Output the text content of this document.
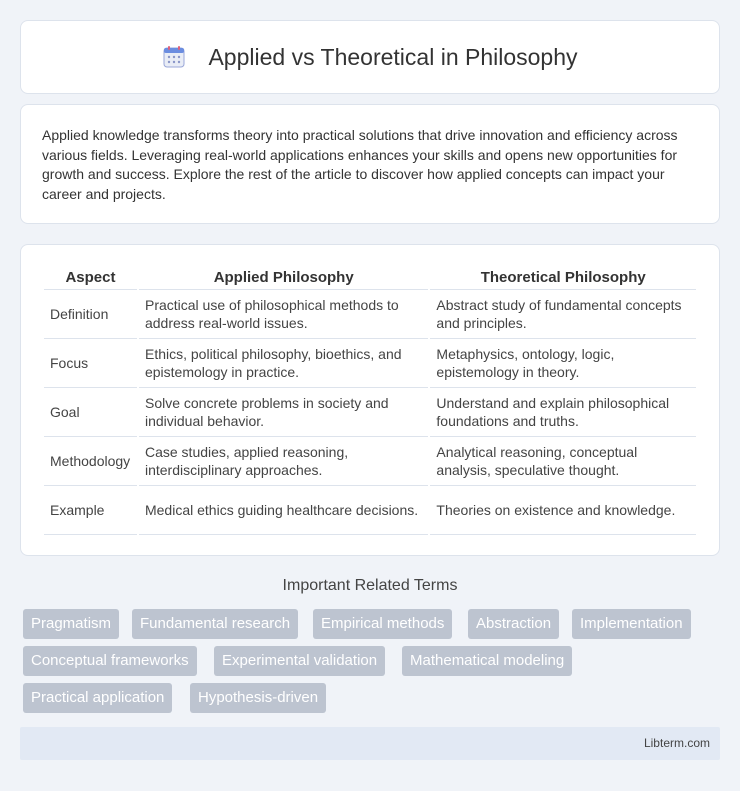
Applied vs Theoretical in Philosophy

Applied knowledge transforms theory into practical solutions that drive innovation and efficiency across various fields. Leveraging real-world applications enhances your skills and opens new opportunities for growth and success. Explore the rest of the article to discover how applied concepts can impact your career and projects.

Aspect	Applied Philosophy	Theoretical Philosophy
Definition	Practical use of philosophical methods to address real-world issues.	Abstract study of fundamental concepts and principles.
Focus	Ethics, political philosophy, bioethics, and epistemology in practice.	Metaphysics, ontology, logic, epistemology in theory.
Goal	Solve concrete problems in society and individual behavior.	Understand and explain philosophical foundations and truths.
Methodology	Case studies, applied reasoning, interdisciplinary approaches.	Analytical reasoning, conceptual analysis, speculative thought.
Example	Medical ethics guiding healthcare decisions.	Theories on existence and knowledge.
Important Related Terms
Pragmatism	Fundamental research	Empirical methods	Abstraction	Implementation
Conceptual frameworks	Experimental validation	Mathematical modeling
Practical application	Hypothesis-driven
Libterm.com
